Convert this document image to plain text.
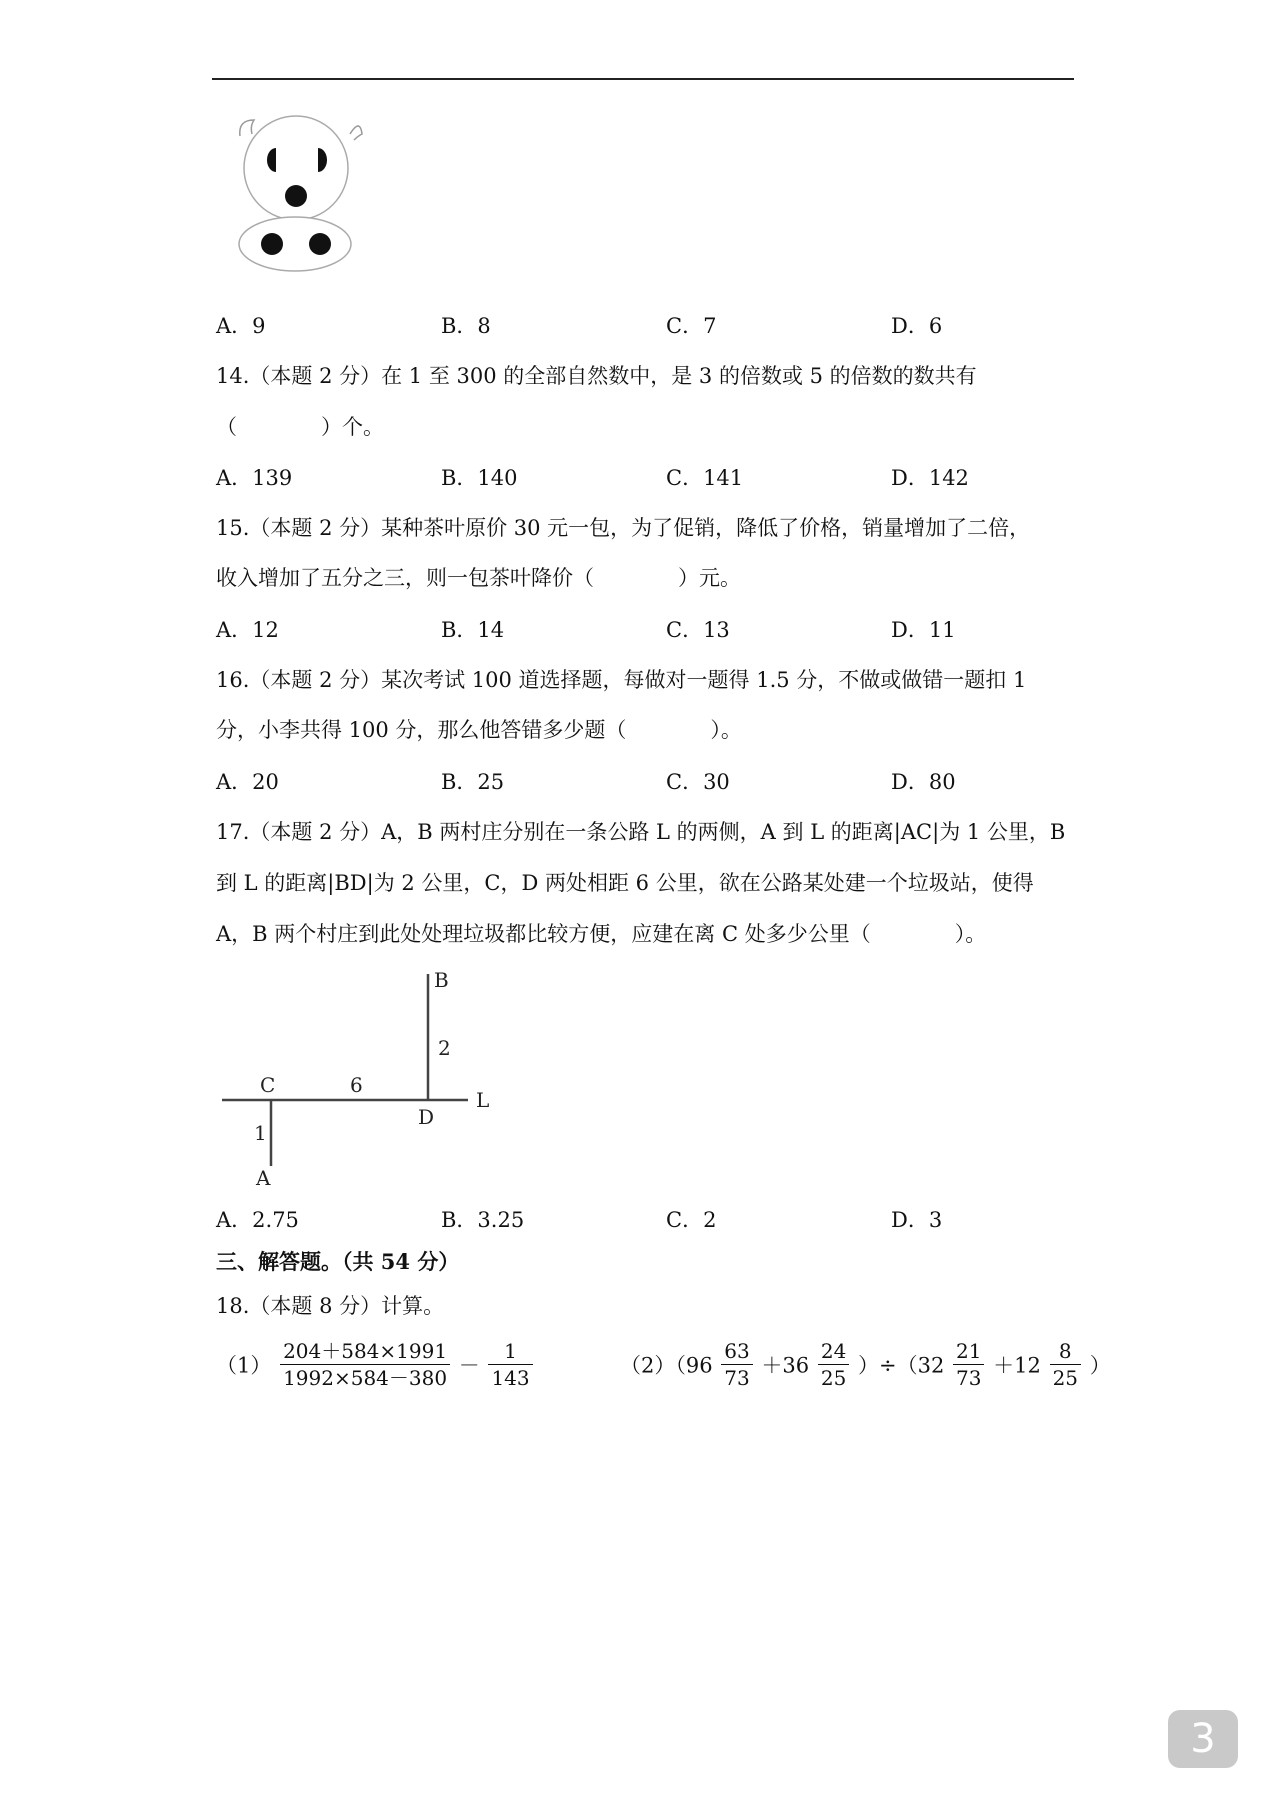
A．9	B．8	C．7	D．6
14.（本题 2 分）在 1 至 300 的全部自然数中，是 3 的倍数或 5 的倍数的数共有
（　　　　）个。
A．139	B．140	C．141	D．142
15.（本题 2 分）某种茶叶原价 30 元一包，为了促销，降低了价格，销量增加了二倍，
收入增加了五分之三，则一包茶叶降价（　　　　）元。
A．12	B．14	C．13	D．11
16.（本题 2 分）某次考试 100 道选择题，每做对一题得 1.5 分，不做或做错一题扣 1
分，小李共得 100 分，那么他答错多少题（　　　　）。
A．20	B．25	C．30	D．80
17.（本题 2 分）A，B 两村庄分别在一条公路 L 的两侧，A 到 L 的距离|AC|为 1 公里，B
到 L 的距离|BD|为 2 公里，C，D 两处相距 6 公里，欲在公路某处建一个垃圾站，使得
A，B 两个村庄到此处处理垃圾都比较方便，应建在离 C 处多少公里（　　　　）。
B
2
C	6
L
D
1
A
A．2.75	B．3.25	C．2	D．3
三、解答题。（共 54 分）
18.（本题 8 分）计算。
$(1) \frac{204+584\times 1991}{1992\times 584-380} - \frac{1}{143}$	$(2)(96 \frac{63}{73} +36 \frac{24}{25} )\div(32 \frac{21}{73} +12 \frac{8}{25}$ ）
3
